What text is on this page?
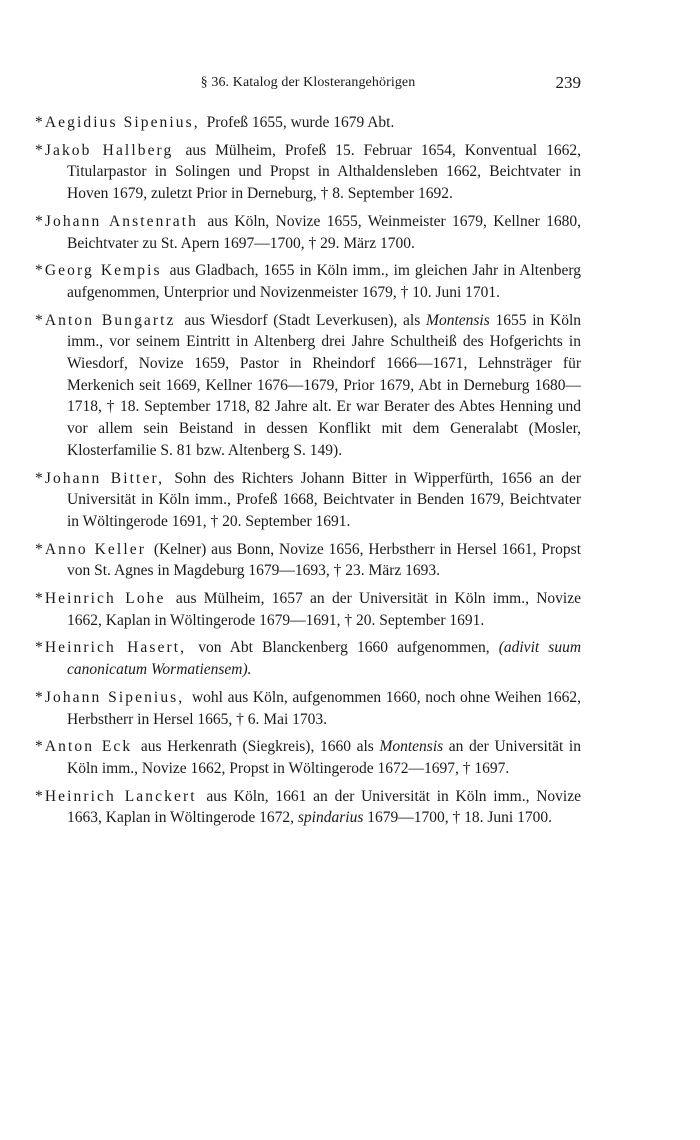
§ 36. Katalog der Klosterangehörigen	239

*Aegidius Sipenius, Profeß 1655, wurde 1679 Abt.

*Jakob Hallberg aus Mülheim, Profeß 15. Februar 1654, Konventual 1662, Titularpastor in Solingen und Propst in Althaldensleben 1662, Beichtvater in Hoven 1679, zuletzt Prior in Derneburg, † 8. September 1692.

*Johann Anstenrath aus Köln, Novize 1655, Weinmeister 1679, Kellner 1680, Beichtvater zu St. Apern 1697—1700, † 29. März 1700.

*Georg Kempis aus Gladbach, 1655 in Köln imm., im gleichen Jahr in Altenberg aufgenommen, Unterprior und Novizenmeister 1679, † 10. Juni 1701.

*Anton Bungartz aus Wiesdorf (Stadt Leverkusen), als Montensis 1655 in Köln imm., vor seinem Eintritt in Altenberg drei Jahre Schultheiß des Hofgerichts in Wiesdorf, Novize 1659, Pastor in Rheindorf 1666—1671, Lehnsträger für Merkenich seit 1669, Kellner 1676—1679, Prior 1679, Abt in Derneburg 1680—1718, † 18. September 1718, 82 Jahre alt. Er war Berater des Abtes Henning und vor allem sein Beistand in dessen Konflikt mit dem Generalabt (Mosler, Klosterfamilie S. 81 bzw. Altenberg S. 149).

*Johann Bitter, Sohn des Richters Johann Bitter in Wipperfürth, 1656 an der Universität in Köln imm., Profeß 1668, Beichtvater in Benden 1679, Beichtvater in Wöltingerode 1691, † 20. September 1691.

*Anno Keller (Kelner) aus Bonn, Novize 1656, Herbstherr in Hersel 1661, Propst von St. Agnes in Magdeburg 1679—1693, † 23. März 1693.

*Heinrich Lohe aus Mülheim, 1657 an der Universität in Köln imm., Novize 1662, Kaplan in Wöltingerode 1679—1691, † 20. September 1691.

*Heinrich Hasert, von Abt Blanckenberg 1660 aufgenommen, (adivit suum canonicatum Wormatiensem).

*Johann Sipenius, wohl aus Köln, aufgenommen 1660, noch ohne Weihen 1662, Herbstherr in Hersel 1665, † 6. Mai 1703.

*Anton Eck aus Herkenrath (Siegkreis), 1660 als Montensis an der Universität in Köln imm., Novize 1662, Propst in Wöltingerode 1672—1697, † 1697.

*Heinrich Lanckert aus Köln, 1661 an der Universität in Köln imm., Novize 1663, Kaplan in Wöltingerode 1672, spindarius 1679—1700, † 18. Juni 1700.
